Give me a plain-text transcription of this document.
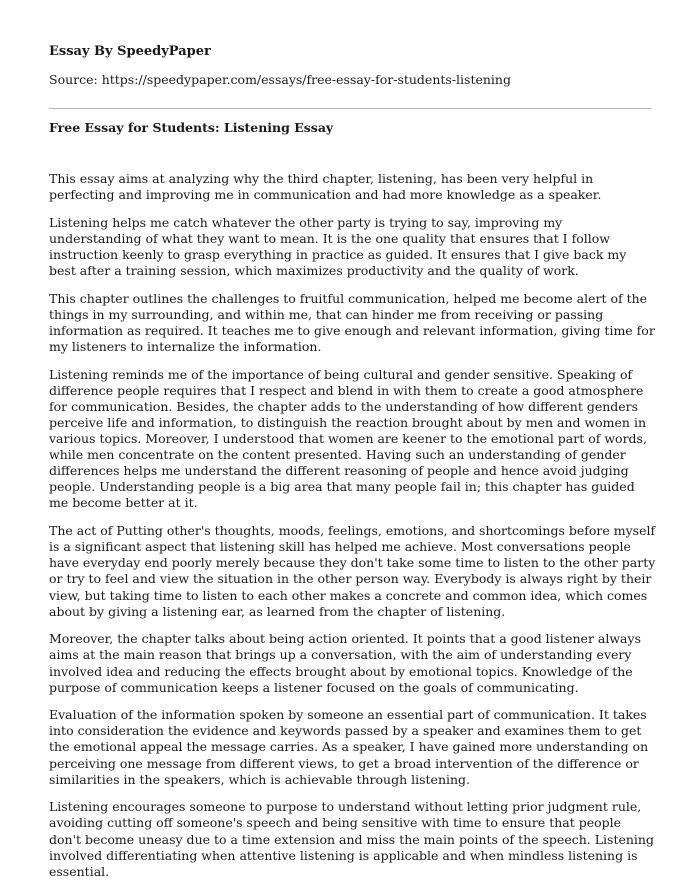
Essay By SpeedyPaper
Source: https://speedypaper.com/essays/free-essay-for-students-listening
Free Essay for Students: Listening Essay

This essay aims at analyzing why the third chapter, listening, has been very helpful in perfecting and improving me in communication and had more knowledge as a speaker.

Listening helps me catch whatever the other party is trying to say, improving my understanding of what they want to mean. It is the one quality that ensures that I follow instruction keenly to grasp everything in practice as guided. It ensures that I give back my best after a training session, which maximizes productivity and the quality of work.

This chapter outlines the challenges to fruitful communication, helped me become alert of the things in my surrounding, and within me, that can hinder me from receiving or passing information as required. It teaches me to give enough and relevant information, giving time for my listeners to internalize the information.

Listening reminds me of the importance of being cultural and gender sensitive. Speaking of difference people requires that I respect and blend in with them to create a good atmosphere for communication. Besides, the chapter adds to the understanding of how different genders perceive life and information, to distinguish the reaction brought about by men and women in various topics. Moreover, I understood that women are keener to the emotional part of words, while men concentrate on the content presented. Having such an understanding of gender differences helps me understand the different reasoning of people and hence avoid judging people. Understanding people is a big area that many people fail in; this chapter has guided me become better at it.

The act of Putting other's thoughts, moods, feelings, emotions, and shortcomings before myself is a significant aspect that listening skill has helped me achieve. Most conversations people have everyday end poorly merely because they don't take some time to listen to the other party or try to feel and view the situation in the other person way. Everybody is always right by their view, but taking time to listen to each other makes a concrete and common idea, which comes about by giving a listening ear, as learned from the chapter of listening.

Moreover, the chapter talks about being action oriented. It points that a good listener always aims at the main reason that brings up a conversation, with the aim of understanding every involved idea and reducing the effects brought about by emotional topics. Knowledge of the purpose of communication keeps a listener focused on the goals of communicating.

Evaluation of the information spoken by someone an essential part of communication. It takes into consideration the evidence and keywords passed by a speaker and examines them to get the emotional appeal the message carries. As a speaker, I have gained more understanding on perceiving one message from different views, to get a broad intervention of the difference or similarities in the speakers, which is achievable through listening.

Listening encourages someone to purpose to understand without letting prior judgment rule, avoiding cutting off someone's speech and being sensitive with time to ensure that people don't become uneasy due to a time extension and miss the main points of the speech. Listening involved differentiating when attentive listening is applicable and when mindless listening is essential.
